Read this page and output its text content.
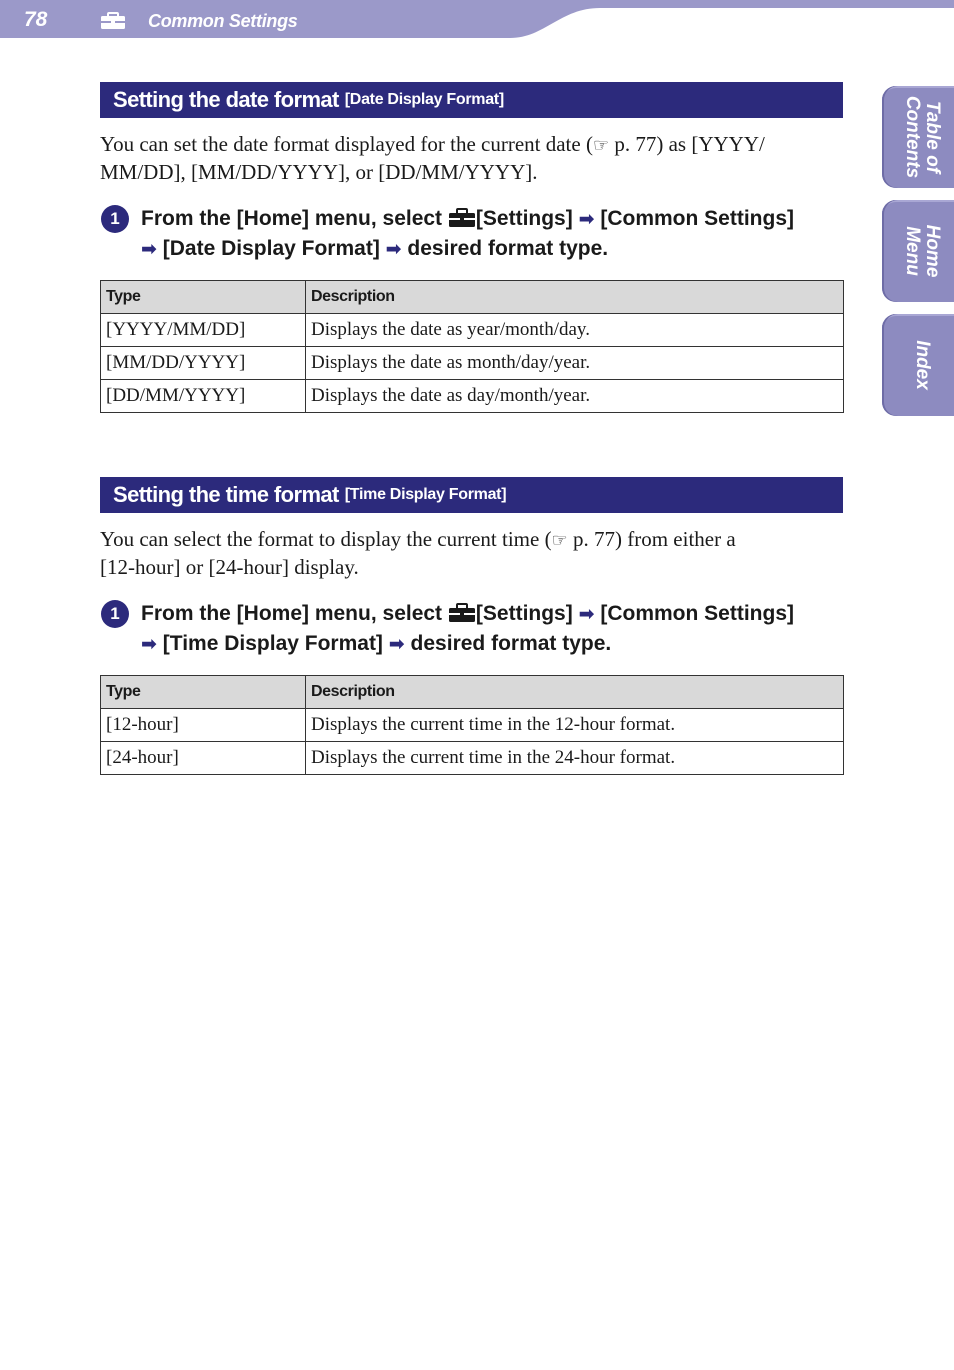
78	Common Settings
Table of Contents
Home Menu
Index
Setting the date format [Date Display Format]
You can set the date format displayed for the current date (☞ p. 77) as [YYYY/
MM/DD], [MM/DD/YYYY], or [DD/MM/YYYY].
1	From the [Home] menu, select [Settings] ➡ [Common Settings]
➡ [Date Display Format] ➡ desired format type.
Type	Description
[YYYY/MM/DD]	Displays the date as year/month/day.
[MM/DD/YYYY]	Displays the date as month/day/year.
[DD/MM/YYYY]	Displays the date as day/month/year.
Setting the time format [Time Display Format]
You can select the format to display the current time (☞ p. 77) from either a
[12-hour] or [24-hour] display.
1	From the [Home] menu, select [Settings] ➡ [Common Settings]
➡ [Time Display Format] ➡ desired format type.
Type	Description
[12-hour]	Displays the current time in the 12-hour format.
[24-hour]	Displays the current time in the 24-hour format.
